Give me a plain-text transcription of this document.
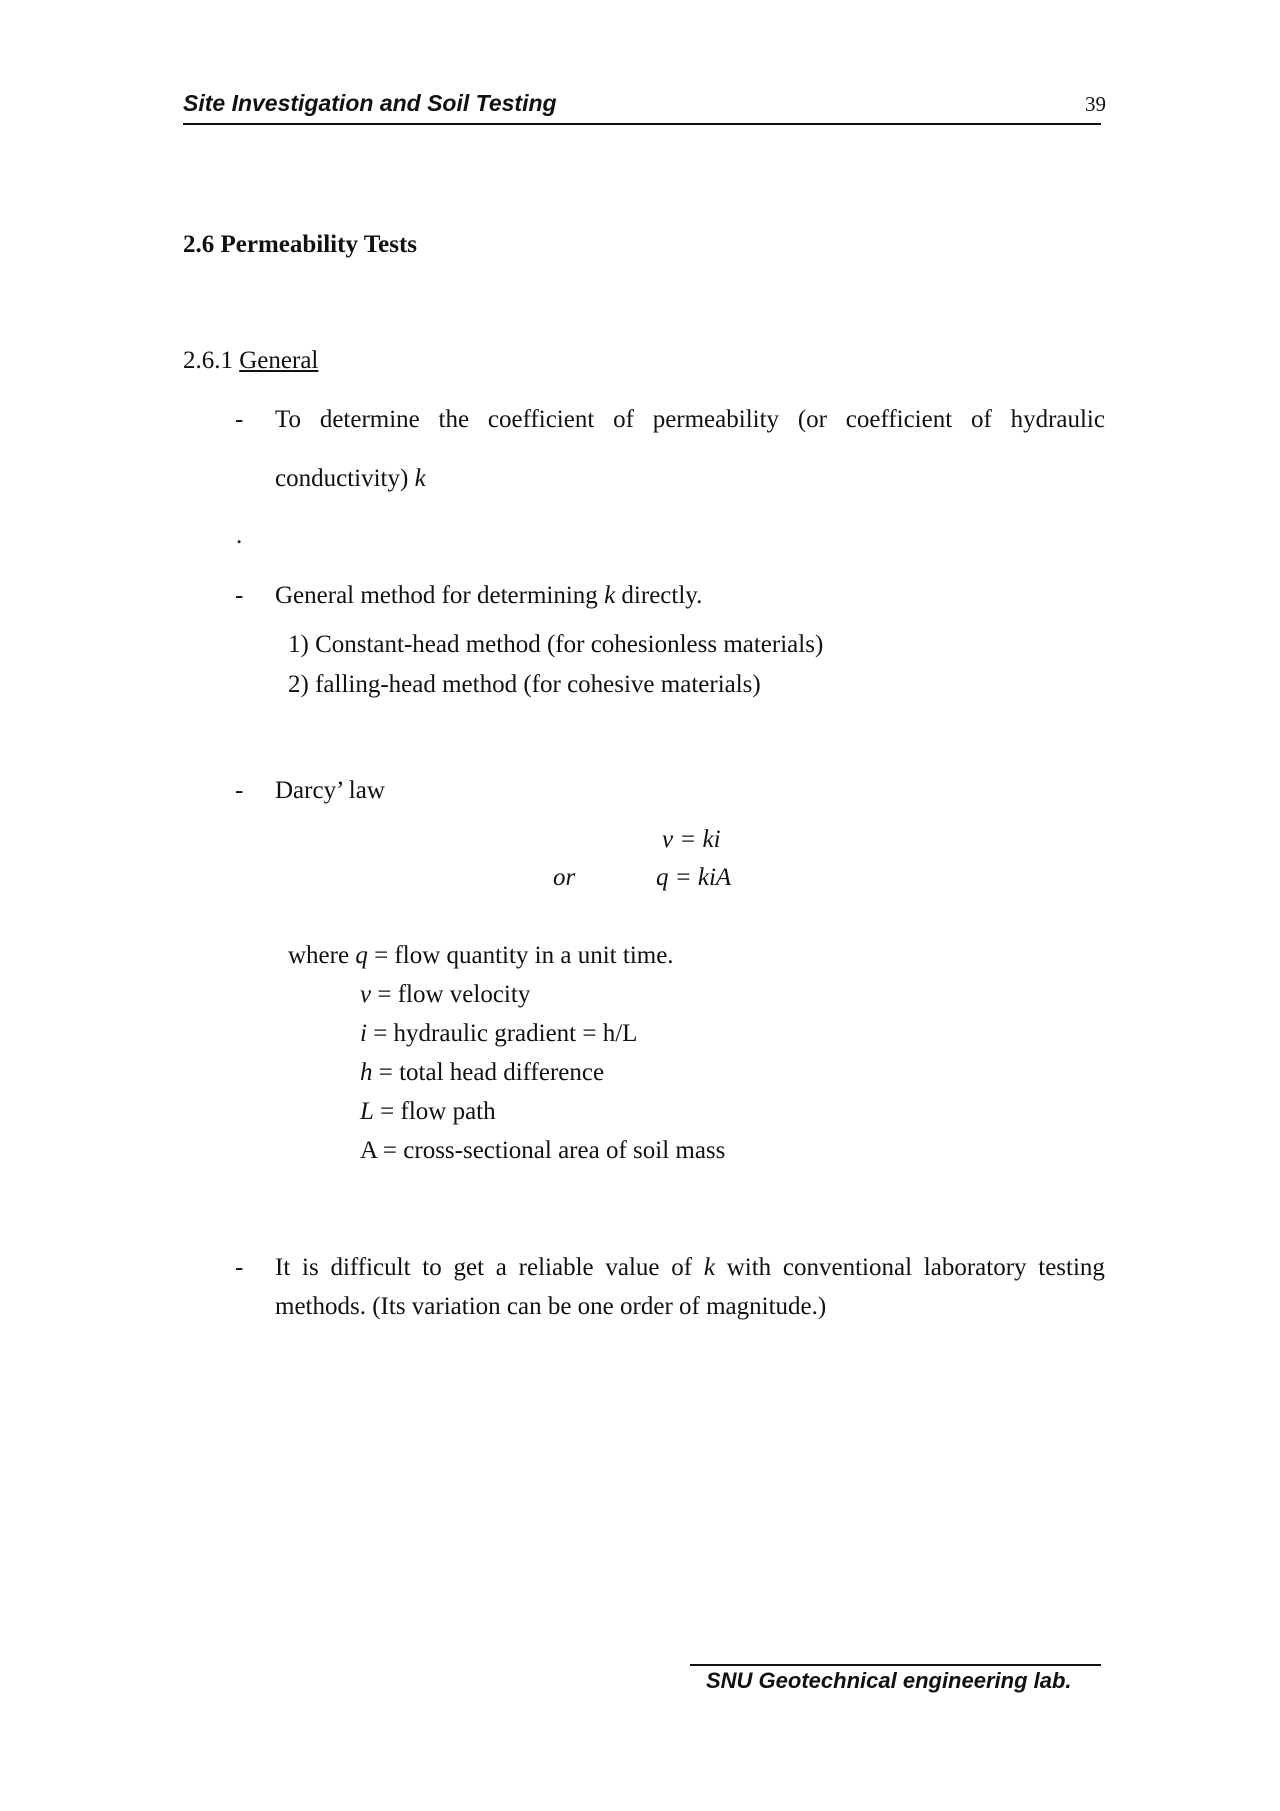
Site Investigation and Soil Testing	39
2.6 Permeability Tests
2.6.1 General
- To determine the coefficient of permeability (or coefficient of hydraulic
conductivity) k
.
- General method for determining k directly.
1) Constant-head method (for cohesionless materials)
2) falling-head method (for cohesive materials)
- Darcy’ law
v = ki
or	q = kiA
where q = flow quantity in a unit time.
v = flow velocity
i = hydraulic gradient = h/L
h = total head difference
L = flow path
A = cross-sectional area of soil mass
- It is difficult to get a reliable value of k with conventional laboratory testing
methods. (Its variation can be one order of magnitude.)
SNU Geotechnical engineering lab.
